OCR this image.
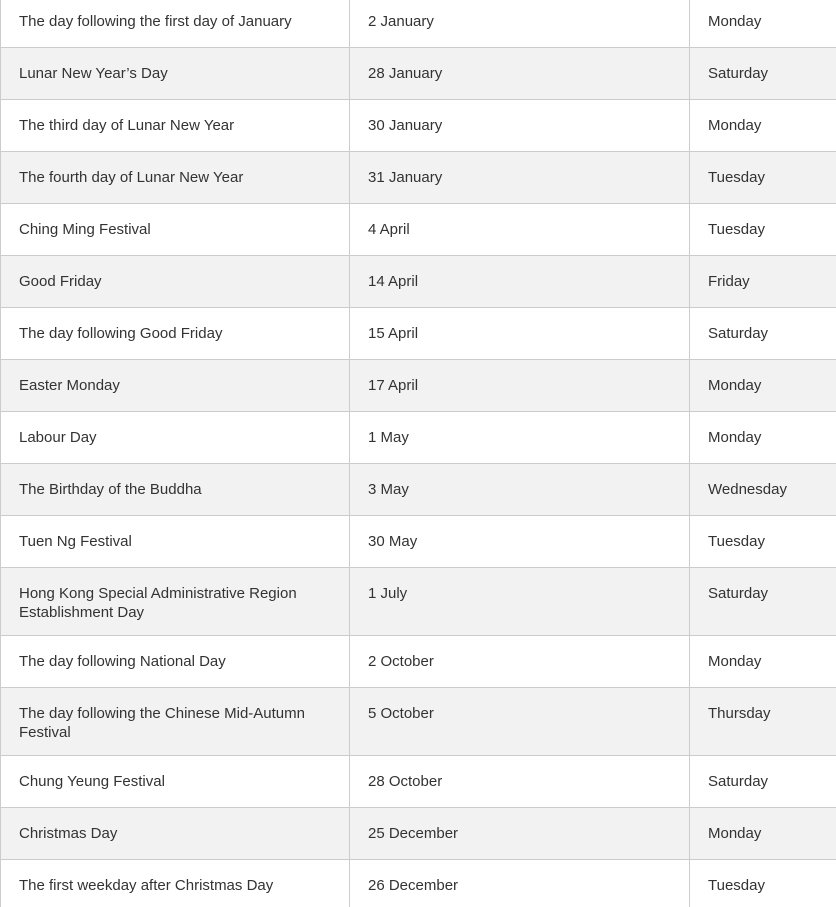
The day following the first day of January	2 January	Monday
Lunar New Year’s Day	28 January	Saturday
The third day of Lunar New Year	30 January	Monday
The fourth day of Lunar New Year	31 January	Tuesday
Ching Ming Festival	4 April	Tuesday
Good Friday	14 April	Friday
The day following Good Friday	15 April	Saturday
Easter Monday	17 April	Monday
Labour Day	1 May	Monday
The Birthday of the Buddha	3 May	Wednesday
Tuen Ng Festival	30 May	Tuesday
Hong Kong Special Administrative Region Establishment Day	1 July	Saturday
The day following National Day	2 October	Monday
The day following the Chinese Mid-Autumn Festival	5 October	Thursday
Chung Yeung Festival	28 October	Saturday
Christmas Day	25 December	Monday
The first weekday after Christmas Day	26 December	Tuesday
